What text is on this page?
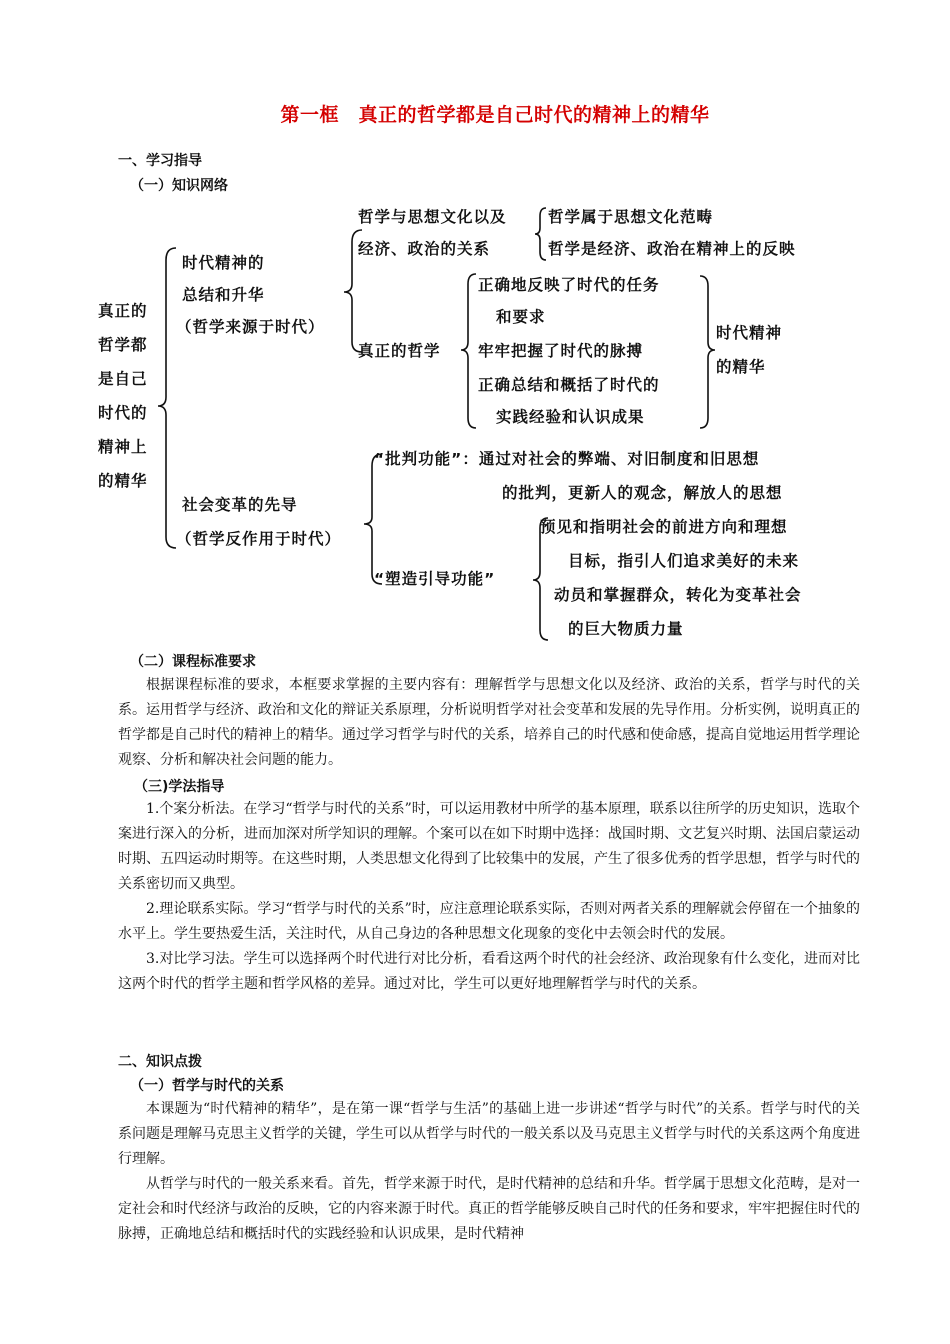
第一框　真正的哲学都是自己时代的精神上的精华
一、学习指导
（一）知识网络
真正的
哲学都
是自己
时代的
精神上
的精华
时代精神的
总结和升华
（哲学来源于时代）
哲学与思想文化以及
经济、政治的关系
哲学属于思想文化范畴
哲学是经济、政治在精神上的反映
真正的哲学
正确地反映了时代的任务
和要求
牢牢把握了时代的脉搏
正确总结和概括了时代的
实践经验和认识成果
时代精神
的精华
社会变革的先导
（哲学反作用于时代）
“批判功能”：通过对社会的弊端、对旧制度和旧思想
的批判，更新人的观念，解放人的思想
“塑造引导功能”
预见和指明社会的前进方向和理想
目标，指引人们追求美好的未来
动员和掌握群众，转化为变革社会
的巨大物质力量
（二）课程标准要求

根据课程标准的要求，本框要求掌握的主要内容有：理解哲学与思想文化以及经济、政治的关系，哲学与时代的关系。运用哲学与经济、政治和文化的辩证关系原理，分析说明哲学对社会变革和发展的先导作用。分析实例，说明真正的哲学都是自己时代的精神上的精华。通过学习哲学与时代的关系，培养自己的时代感和使命感，提高自觉地运用哲学理论观察、分析和解决社会问题的能力。

（三)学法指导

1.个案分析法。在学习“哲学与时代的关系”时，可以运用教材中所学的基本原理，联系以往所学的历史知识，选取个案进行深入的分析，进而加深对所学知识的理解。个案可以在如下时期中选择：战国时期、文艺复兴时期、法国启蒙运动时期、五四运动时期等。在这些时期，人类思想文化得到了比较集中的发展，产生了很多优秀的哲学思想，哲学与时代的关系密切而又典型。

2.理论联系实际。学习“哲学与时代的关系”时，应注意理论联系实际，否则对两者关系的理解就会停留在一个抽象的水平上。学生要热爱生活，关注时代，从自己身边的各种思想文化现象的变化中去领会时代的发展。

3.对比学习法。学生可以选择两个时代进行对比分析，看看这两个时代的社会经济、政治现象有什么变化，进而对比这两个时代的哲学主题和哲学风格的差异。通过对比，学生可以更好地理解哲学与时代的关系。

二、知识点拨
（一）哲学与时代的关系

本课题为“时代精神的精华”，是在第一课“哲学与生活”的基础上进一步讲述“哲学与时代”的关系。哲学与时代的关系问题是理解马克思主义哲学的关键，学生可以从哲学与时代的一般关系以及马克思主义哲学与时代的关系这两个角度进行理解。

从哲学与时代的一般关系来看。首先，哲学来源于时代，是时代精神的总结和升华。哲学属于思想文化范畴，是对一定社会和时代经济与政治的反映，它的内容来源于时代。真正的哲学能够反映自己时代的任务和要求，牢牢把握住时代的脉搏，正确地总结和概括时代的实践经验和认识成果，是时代精神
